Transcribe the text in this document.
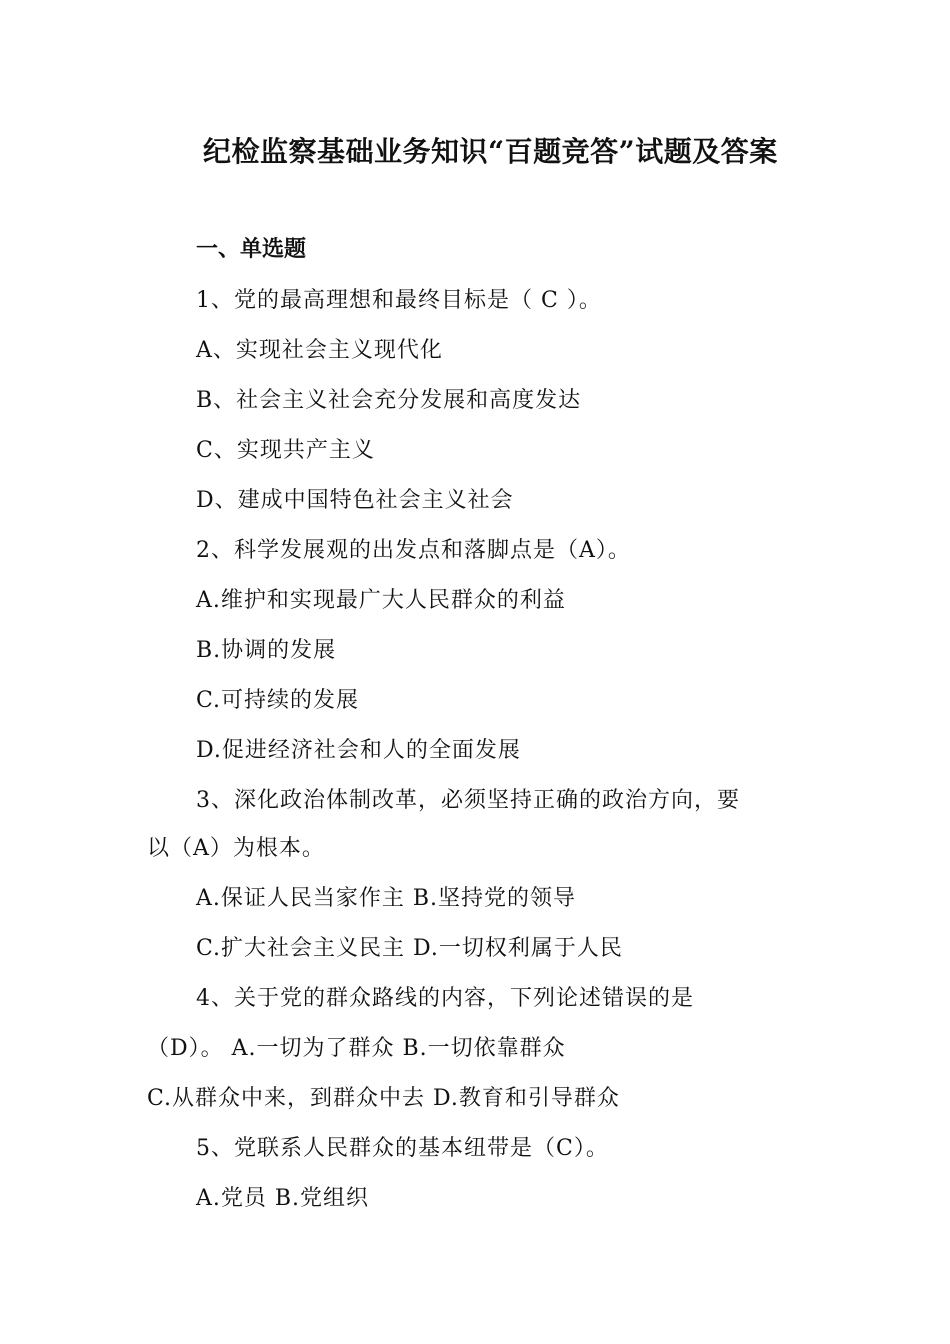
纪检监察基础业务知识“百题竞答”试题及答案
一、单选题
1、党的最高理想和最终目标是（ C ）。
A、实现社会主义现代化
B、社会主义社会充分发展和高度发达
C、实现共产主义
D、建成中国特色社会主义社会
2、科学发展观的出发点和落脚点是（A）。
A.维护和实现最广大人民群众的利益
B.协调的发展
C.可持续的发展
D.促进经济社会和人的全面发展
3、深化政治体制改革，必须坚持正确的政治方向，要
以（A）为根本。
A.保证人民当家作主 B.坚持党的领导
C.扩大社会主义民主 D.一切权利属于人民
4、关于党的群众路线的内容，下列论述错误的是
（D）。 A.一切为了群众 B.一切依靠群众
C.从群众中来，到群众中去 D.教育和引导群众
5、党联系人民群众的基本纽带是（C）。
A.党员 B.党组织
